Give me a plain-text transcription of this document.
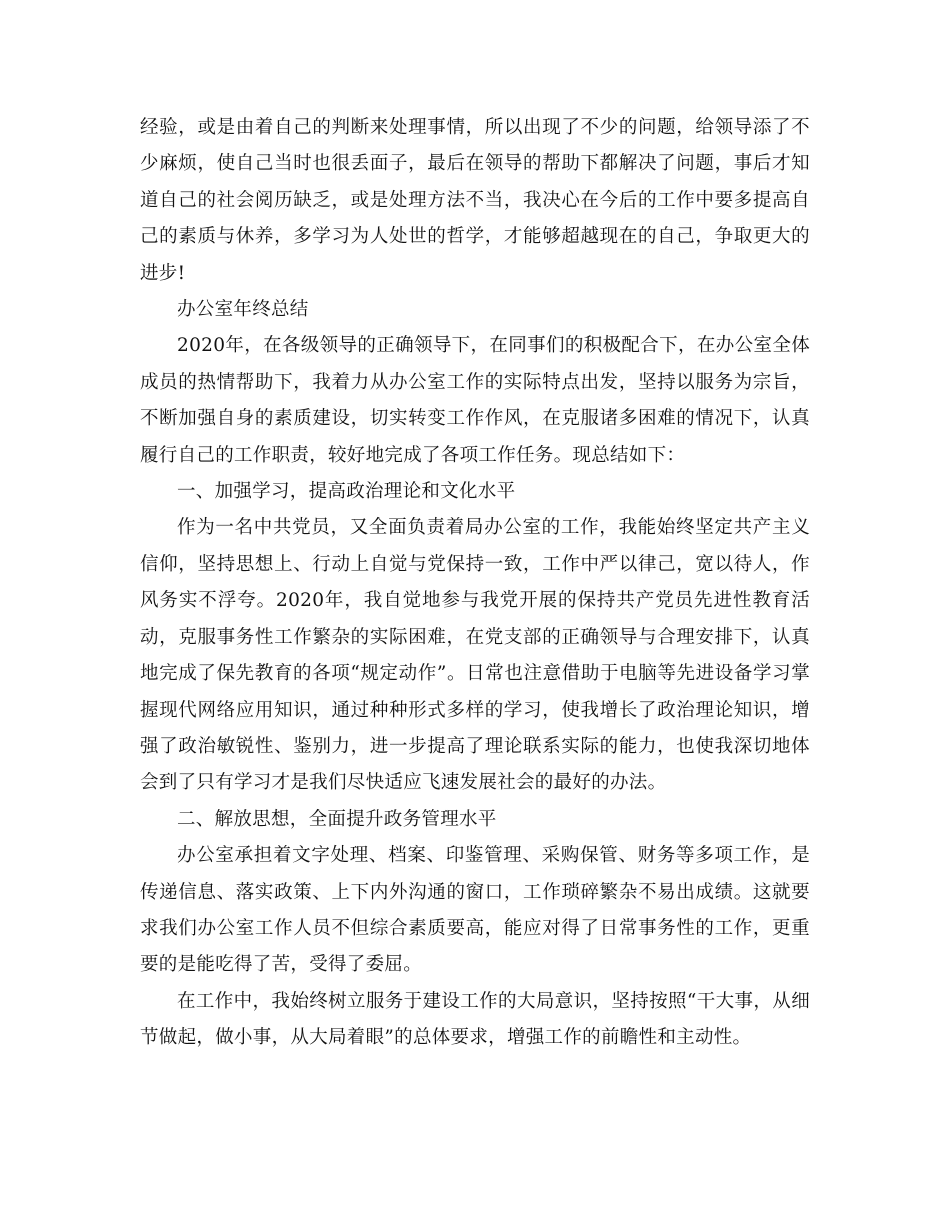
经验，或是由着自己的判断来处理事情，所以出现了不少的问题，给领导添了不少麻烦，使自己当时也很丢面子，最后在领导的帮助下都解决了问题，事后才知道自己的社会阅历缺乏，或是处理方法不当，我决心在今后的工作中要多提高自己的素质与休养，多学习为人处世的哲学，才能够超越现在的自己，争取更大的进步!

办公室年终总结

2020年，在各级领导的正确领导下，在同事们的积极配合下，在办公室全体成员的热情帮助下，我着力从办公室工作的实际特点出发，坚持以服务为宗旨，不断加强自身的素质建设，切实转变工作作风，在克服诸多困难的情况下，认真履行自己的工作职责，较好地完成了各项工作任务。现总结如下：

一、加强学习，提高政治理论和文化水平

作为一名中共党员，又全面负责着局办公室的工作，我能始终坚定共产主义信仰，坚持思想上、行动上自觉与党保持一致，工作中严以律己，宽以待人，作风务实不浮夸。2020年，我自觉地参与我党开展的保持共产党员先进性教育活动，克服事务性工作繁杂的实际困难，在党支部的正确领导与合理安排下，认真地完成了保先教育的各项“规定动作”。日常也注意借助于电脑等先进设备学习掌握现代网络应用知识，通过种种形式多样的学习，使我增长了政治理论知识，增强了政治敏锐性、鉴别力，进一步提高了理论联系实际的能力，也使我深切地体会到了只有学习才是我们尽快适应飞速发展社会的最好的办法。

二、解放思想，全面提升政务管理水平

办公室承担着文字处理、档案、印鉴管理、采购保管、财务等多项工作，是传递信息、落实政策、上下内外沟通的窗口，工作琐碎繁杂不易出成绩。这就要求我们办公室工作人员不但综合素质要高，能应对得了日常事务性的工作，更重要的是能吃得了苦，受得了委屈。

在工作中，我始终树立服务于建设工作的大局意识，坚持按照“干大事，从细节做起，做小事，从大局着眼”的总体要求，增强工作的前瞻性和主动性。
